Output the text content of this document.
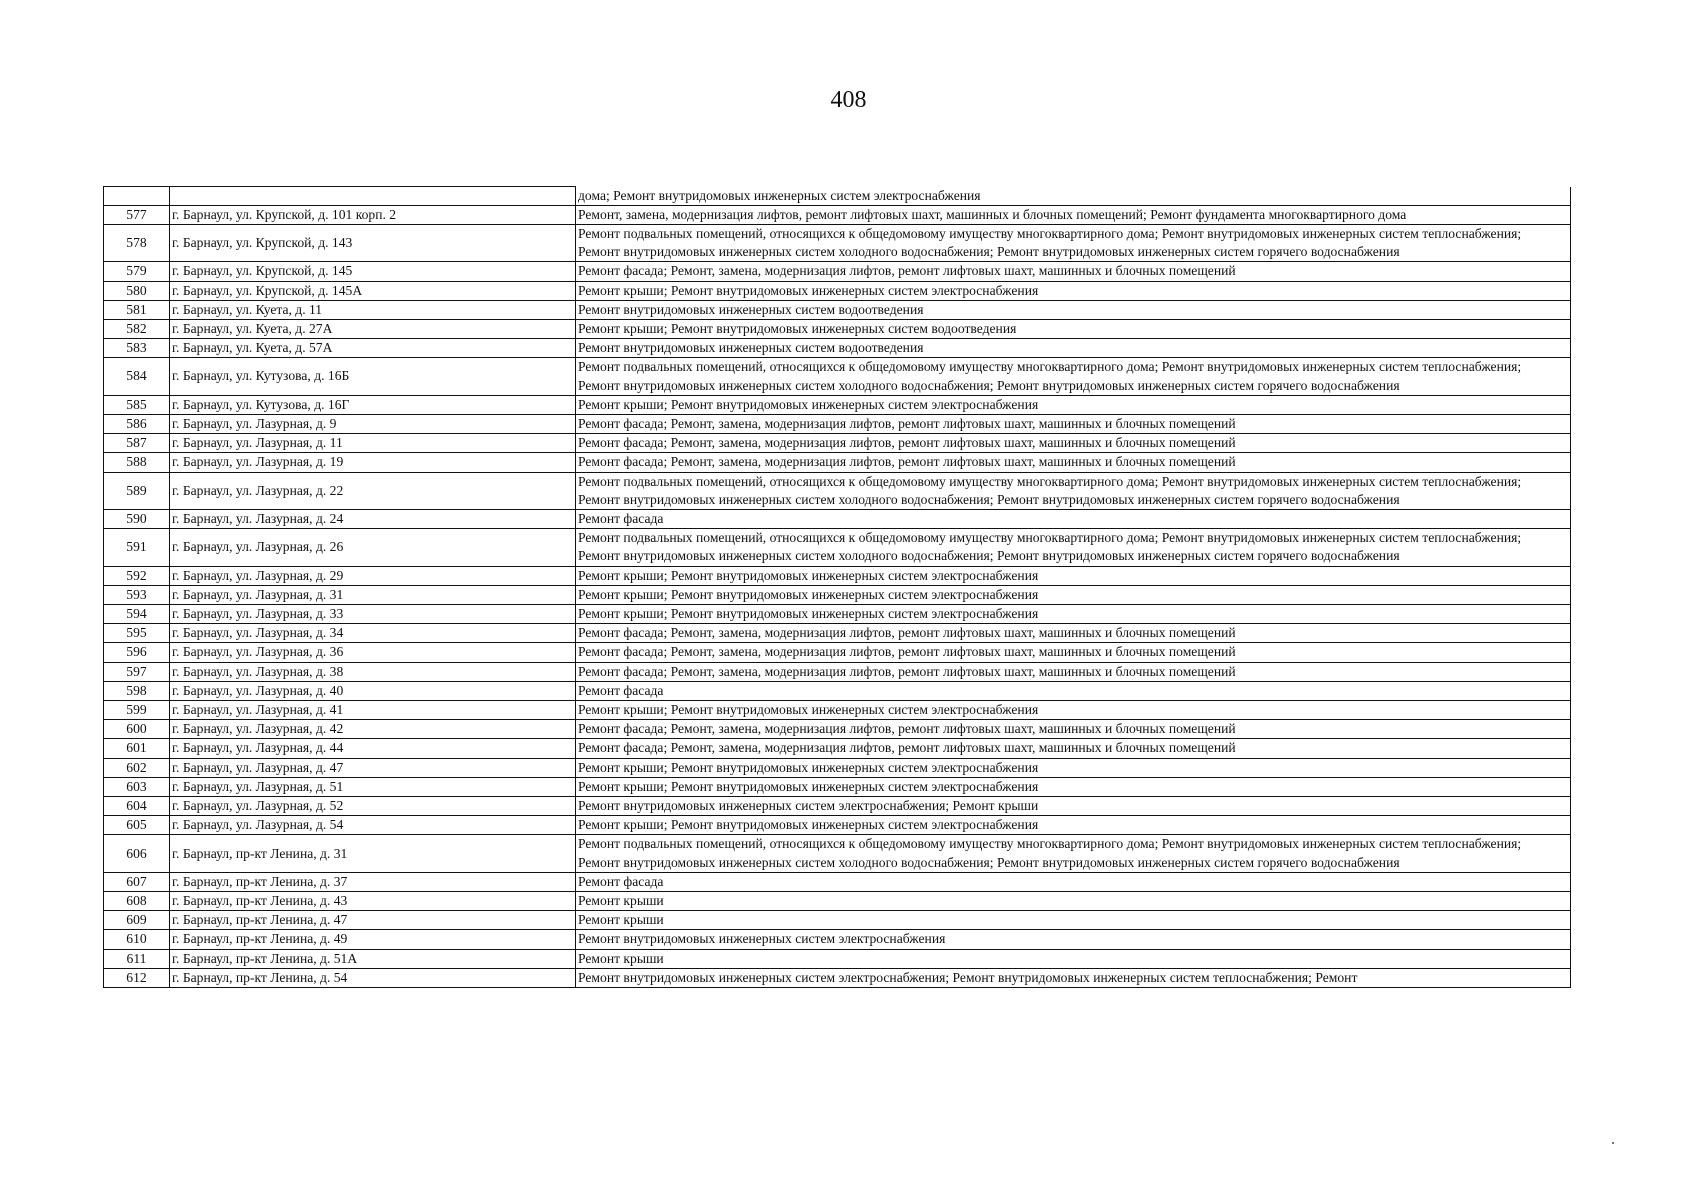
408
		дома; Ремонт внутридомовых инженерных систем электроснабжения
577	г. Барнаул, ул. Крупской, д. 101 корп. 2	Ремонт, замена, модернизация лифтов, ремонт лифтовых шахт, машинных и блочных помещений; Ремонт фундамента многоквартирного дома
578	г. Барнаул, ул. Крупской, д. 143	Ремонт подвальных помещений, относящихся к общедомовому имуществу многоквартирного дома; Ремонт внутридомовых инженерных систем теплоснабжения; Ремонт внутридомовых инженерных систем холодного водоснабжения; Ремонт внутридомовых инженерных систем горячего водоснабжения
579	г. Барнаул, ул. Крупской, д. 145	Ремонт фасада; Ремонт, замена, модернизация лифтов, ремонт лифтовых шахт, машинных и блочных помещений
580	г. Барнаул, ул. Крупской, д. 145А	Ремонт крыши; Ремонт внутридомовых инженерных систем электроснабжения
581	г. Барнаул, ул. Куета, д. 11	Ремонт внутридомовых инженерных систем водоотведения
582	г. Барнаул, ул. Куета, д. 27А	Ремонт крыши; Ремонт внутридомовых инженерных систем водоотведения
583	г. Барнаул, ул. Куета, д. 57А	Ремонт внутридомовых инженерных систем водоотведения
584	г. Барнаул, ул. Кутузова, д. 16Б	Ремонт подвальных помещений, относящихся к общедомовому имуществу многоквартирного дома; Ремонт внутридомовых инженерных систем теплоснабжения; Ремонт внутридомовых инженерных систем холодного водоснабжения; Ремонт внутридомовых инженерных систем горячего водоснабжения
585	г. Барнаул, ул. Кутузова, д. 16Г	Ремонт крыши; Ремонт внутридомовых инженерных систем электроснабжения
586	г. Барнаул, ул. Лазурная, д. 9	Ремонт фасада; Ремонт, замена, модернизация лифтов, ремонт лифтовых шахт, машинных и блочных помещений
587	г. Барнаул, ул. Лазурная, д. 11	Ремонт фасада; Ремонт, замена, модернизация лифтов, ремонт лифтовых шахт, машинных и блочных помещений
588	г. Барнаул, ул. Лазурная, д. 19	Ремонт фасада; Ремонт, замена, модернизация лифтов, ремонт лифтовых шахт, машинных и блочных помещений
589	г. Барнаул, ул. Лазурная, д. 22	Ремонт подвальных помещений, относящихся к общедомовому имуществу многоквартирного дома; Ремонт внутридомовых инженерных систем теплоснабжения; Ремонт внутридомовых инженерных систем холодного водоснабжения; Ремонт внутридомовых инженерных систем горячего водоснабжения
590	г. Барнаул, ул. Лазурная, д. 24	Ремонт фасада
591	г. Барнаул, ул. Лазурная, д. 26	Ремонт подвальных помещений, относящихся к общедомовому имуществу многоквартирного дома; Ремонт внутридомовых инженерных систем теплоснабжения; Ремонт внутридомовых инженерных систем холодного водоснабжения; Ремонт внутридомовых инженерных систем горячего водоснабжения
592	г. Барнаул, ул. Лазурная, д. 29	Ремонт крыши; Ремонт внутридомовых инженерных систем электроснабжения
593	г. Барнаул, ул. Лазурная, д. 31	Ремонт крыши; Ремонт внутридомовых инженерных систем электроснабжения
594	г. Барнаул, ул. Лазурная, д. 33	Ремонт крыши; Ремонт внутридомовых инженерных систем электроснабжения
595	г. Барнаул, ул. Лазурная, д. 34	Ремонт фасада; Ремонт, замена, модернизация лифтов, ремонт лифтовых шахт, машинных и блочных помещений
596	г. Барнаул, ул. Лазурная, д. 36	Ремонт фасада; Ремонт, замена, модернизация лифтов, ремонт лифтовых шахт, машинных и блочных помещений
597	г. Барнаул, ул. Лазурная, д. 38	Ремонт фасада; Ремонт, замена, модернизация лифтов, ремонт лифтовых шахт, машинных и блочных помещений
598	г. Барнаул, ул. Лазурная, д. 40	Ремонт фасада
599	г. Барнаул, ул. Лазурная, д. 41	Ремонт крыши; Ремонт внутридомовых инженерных систем электроснабжения
600	г. Барнаул, ул. Лазурная, д. 42	Ремонт фасада; Ремонт, замена, модернизация лифтов, ремонт лифтовых шахт, машинных и блочных помещений
601	г. Барнаул, ул. Лазурная, д. 44	Ремонт фасада; Ремонт, замена, модернизация лифтов, ремонт лифтовых шахт, машинных и блочных помещений
602	г. Барнаул, ул. Лазурная, д. 47	Ремонт крыши; Ремонт внутридомовых инженерных систем электроснабжения
603	г. Барнаул, ул. Лазурная, д. 51	Ремонт крыши; Ремонт внутридомовых инженерных систем электроснабжения
604	г. Барнаул, ул. Лазурная, д. 52	Ремонт внутридомовых инженерных систем электроснабжения; Ремонт крыши
605	г. Барнаул, ул. Лазурная, д. 54	Ремонт крыши; Ремонт внутридомовых инженерных систем электроснабжения
606	г. Барнаул, пр-кт Ленина, д. 31	Ремонт подвальных помещений, относящихся к общедомовому имуществу многоквартирного дома; Ремонт внутридомовых инженерных систем теплоснабжения; Ремонт внутридомовых инженерных систем холодного водоснабжения; Ремонт внутридомовых инженерных систем горячего водоснабжения
607	г. Барнаул, пр-кт Ленина, д. 37	Ремонт фасада
608	г. Барнаул, пр-кт Ленина, д. 43	Ремонт крыши
609	г. Барнаул, пр-кт Ленина, д. 47	Ремонт крыши
610	г. Барнаул, пр-кт Ленина, д. 49	Ремонт внутридомовых инженерных систем электроснабжения
611	г. Барнаул, пр-кт Ленина, д. 51А	Ремонт крыши
612	г. Барнаул, пр-кт Ленина, д. 54	Ремонт внутридомовых инженерных систем электроснабжения; Ремонт внутридомовых инженерных систем теплоснабжения; Ремонт
